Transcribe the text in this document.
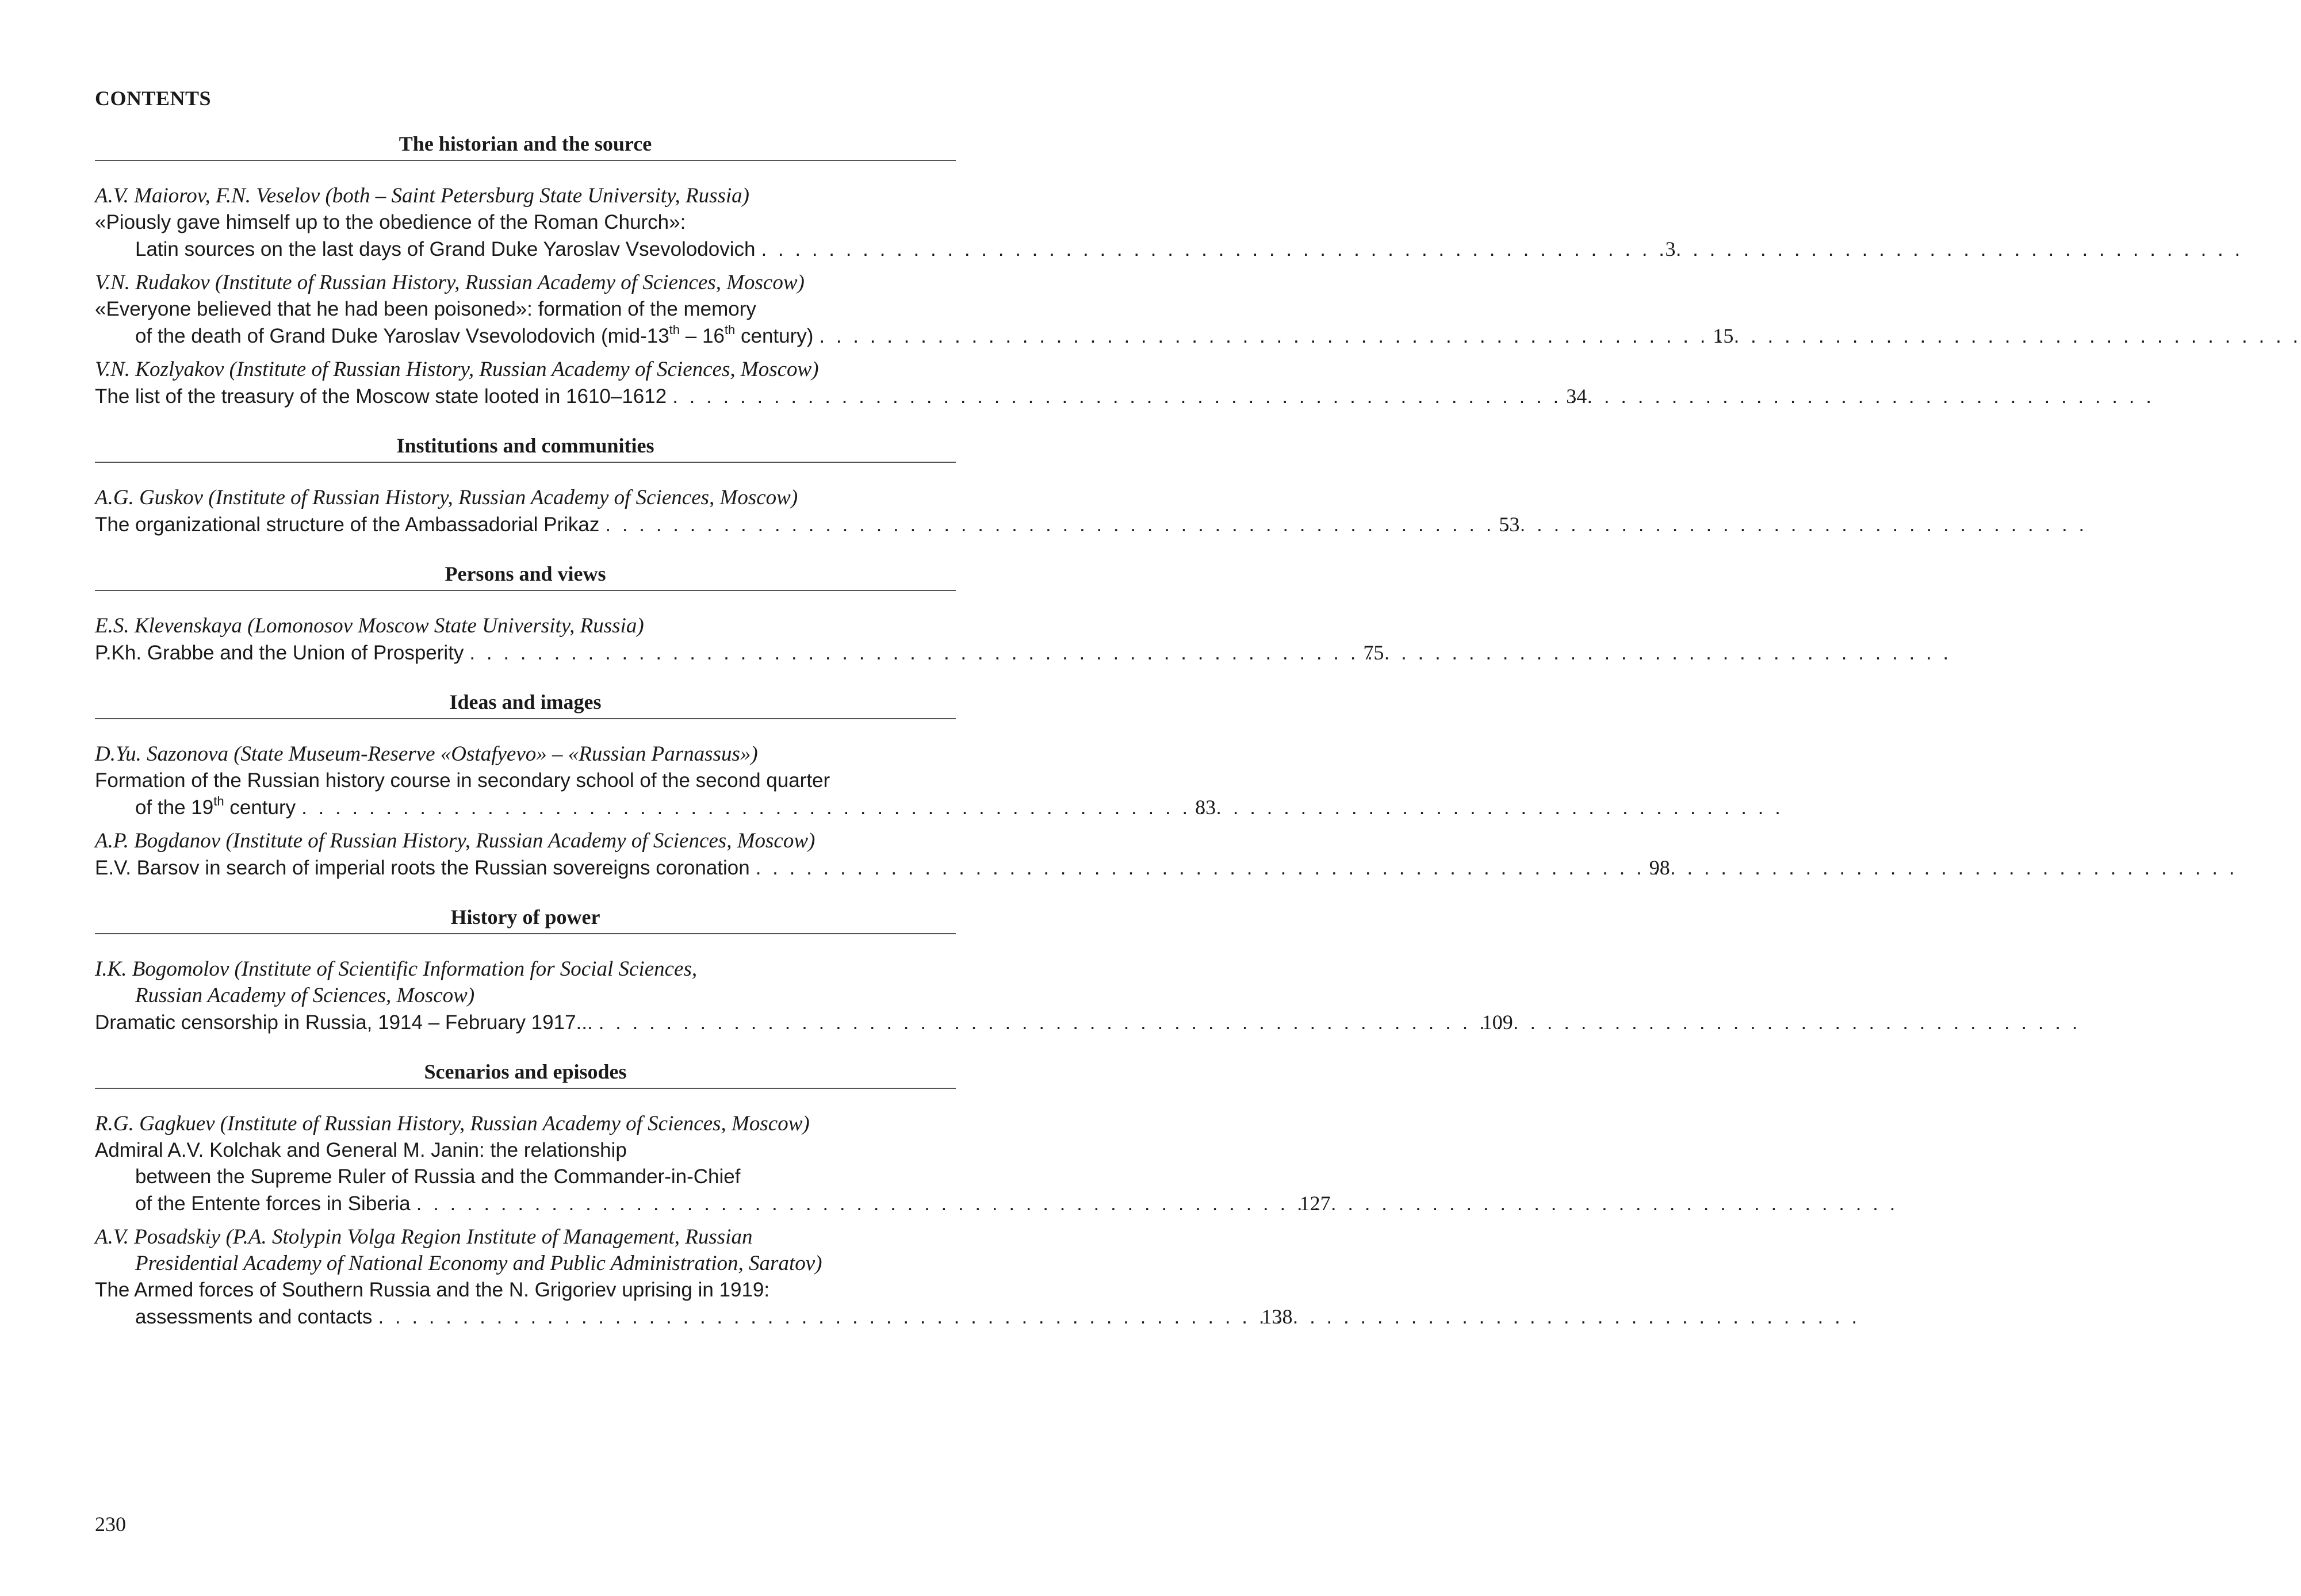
CONTENTS
The historian and the source
A.V. Maiorov, F.N. Veselov (both – Saint Petersburg State University, Russia)
«Piously gave himself up to the obedience of the Roman Church»:
Latin sources on the last days of Grand Duke Yaroslav Vsevolodovich . . .	3
V.N. Rudakov (Institute of Russian History, Russian Academy of Sciences, Moscow)
«Everyone believed that he had been poisoned»: formation of the memory
of the death of Grand Duke Yaroslav Vsevolodovich (mid-13th – 16th century) . . .	15
V.N. Kozlyakov (Institute of Russian History, Russian Academy of Sciences, Moscow)
The list of the treasury of the Moscow state looted in 1610–1612 . . .	34
Institutions and communities
A.G. Guskov (Institute of Russian History, Russian Academy of Sciences, Moscow)
The organizational structure of the Ambassadorial Prikaz . . .	53
Persons and views
E.S. Klevenskaya (Lomonosov Moscow State University, Russia)
P.Kh. Grabbe and the Union of Prosperity . . .	75
Ideas and images
D.Yu. Sazonova (State Museum-Reserve «Ostafyevo» – «Russian Parnassus»)
Formation of the Russian history course in secondary school of the second quarter
of the 19th century . . .	83
A.P. Bogdanov (Institute of Russian History, Russian Academy of Sciences, Moscow)
E.V. Barsov in search of imperial roots the Russian sovereigns coronation . . .	98
History of power
I.K. Bogomolov (Institute of Scientific Information for Social Sciences,
Russian Academy of Sciences, Moscow)
Dramatic censorship in Russia, 1914 – February 1917... . . .	109
Scenarios and episodes
R.G. Gagkuev (Institute of Russian History, Russian Academy of Sciences, Moscow)
Admiral A.V. Kolchak and General M. Janin: the relationship
between the Supreme Ruler of Russia and the Commander-in-Chief
of the Entente forces in Siberia . . .	127
A.V. Posadskiy (P.A. Stolypin Volga Region Institute of Management, Russian
Presidential Academy of National Economy and Public Administration, Saratov)
The Armed forces of Southern Russia and the N. Grigoriev uprising in 1919:
assessments and contacts . . .	138
230
